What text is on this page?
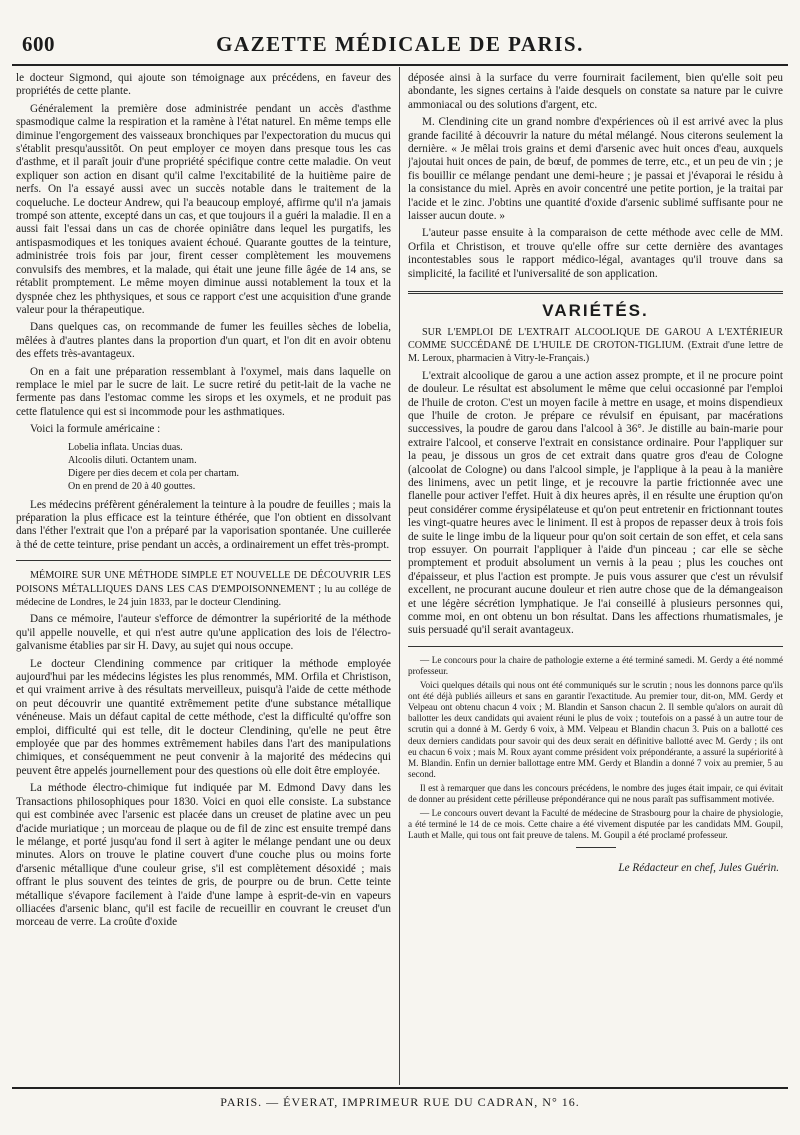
600	GAZETTE MÉDICALE DE PARIS.

le docteur Sigmond, qui ajoute son témoignage aux précédens, en faveur des propriétés de cette plante.

Généralement la première dose administrée pendant un accès d'asthme spasmodique calme la respiration et la ramène à l'état naturel. En même temps elle diminue l'engorgement des vaisseaux bronchiques par l'expectoration du mucus qui s'établit presqu'aussitôt. On peut employer ce moyen dans presque tous les cas d'asthme, et il paraît jouir d'une propriété spécifique contre cette maladie. On veut expliquer son action en disant qu'il calme l'excitabilité de la huitième paire de nerfs. On l'a essayé aussi avec un succès notable dans le traitement de la coqueluche. Le docteur Andrew, qui l'a beaucoup employé, affirme qu'il n'a jamais trompé son attente, excepté dans un cas, et que toujours il a guéri la maladie. Il en a aussi fait l'essai dans un cas de chorée opiniâtre dans lequel les purgatifs, les antispasmodiques et les toniques avaient échoué. Quarante gouttes de la teinture, administrée trois fois par jour, firent cesser complètement les mouvemens convulsifs des membres, et la malade, qui était une jeune fille âgée de 14 ans, se rétablit promptement. Le même moyen diminue aussi notablement la toux et la dyspnée chez les phthysiques, et sous ce rapport c'est une acquisition d'une grande valeur pour la thérapeutique.

Dans quelques cas, on recommande de fumer les feuilles sèches de lobelia, mêlées à d'autres plantes dans la proportion d'un quart, et l'on dit en avoir obtenu des effets très-avantageux.

On en a fait une préparation ressemblant à l'oxymel, mais dans laquelle on remplace le miel par le sucre de lait. Le sucre retiré du petit-lait de la vache ne fermente pas dans l'estomac comme les sirops et les oxymels, et ne produit pas cette flatulence qui est si incommode pour les asthmatiques.

Voici la formule américaine :

Lobelia inflata. Uncias duas.
Alcoolis diluti. Octantem unam.
Digere per dies decem et cola per chartam.
On en prend de 20 à 40 gouttes.

Les médecins préfèrent généralement la teinture à la poudre de feuilles ; mais la préparation la plus efficace est la teinture éthérée, que l'on obtient en dissolvant dans l'éther l'extrait que l'on a préparé par la vaporisation spontanée. Une cuillerée à thé de cette teinture, prise pendant un accès, a ordinairement un effet très-prompt.

MÉMOIRE SUR UNE MÉTHODE SIMPLE ET NOUVELLE DE DÉCOUVRIR LES POISONS MÉTALLIQUES DANS LES CAS D'EMPOISONNEMENT ; lu au collége de médecine de Londres, le 24 juin 1833, par le docteur Clendining.

Dans ce mémoire, l'auteur s'efforce de démontrer la supériorité de la méthode qu'il appelle nouvelle, et qui n'est autre qu'une application des lois de l'électro-galvanisme établies par sir H. Davy, au sujet qui nous occupe.

Le docteur Clendining commence par critiquer la méthode employée aujourd'hui par les médecins légistes les plus renommés, MM. Orfila et Christison, et qui vraiment arrive à des résultats merveilleux, puisqu'à l'aide de cette méthode on peut découvrir une quantité extrêmement petite d'une substance métallique vénéneuse. Mais un défaut capital de cette méthode, c'est la difficulté qu'offre son emploi, difficulté qui est telle, dit le docteur Clendining, qu'elle ne peut être employée que par des hommes extrêmement habiles dans l'art des manipulations chimiques, et conséquemment ne peut convenir à la majorité des médecins qui peuvent être appelés journellement pour des questions où elle doit être employée.

La méthode électro-chimique fut indiquée par M. Edmond Davy dans les Transactions philosophiques pour 1830. Voici en quoi elle consiste. La substance qui est combinée avec l'arsenic est placée dans un creuset de platine avec un peu d'acide muriatique ; un morceau de plaque ou de fil de zinc est ensuite trempé dans le mélange, et porté jusqu'au fond il sert à agiter le mélange pendant une ou deux minutes. Alors on trouve le platine couvert d'une couche plus ou moins forte d'arsenic métallique d'une couleur grise, s'il est complètement désoxidé ; mais offrant le plus souvent des teintes de gris, de pourpre ou de brun. Cette teinte métallique s'évapore facilement à l'aide d'une lampe à esprit-de-vin en vapeurs olliacées d'arsenic blanc, qu'il est facile de recueillir en couvrant le creuset d'un morceau de verre. La croûte d'oxide

déposée ainsi à la surface du verre fournirait facilement, bien qu'elle soit peu abondante, les signes certains à l'aide desquels on constate sa nature par le cuivre ammoniacal ou des solutions d'argent, etc.

M. Clendining cite un grand nombre d'expériences où il est arrivé avec la plus grande facilité à découvrir la nature du métal mélangé. Nous citerons seulement la dernière. « Je mêlai trois grains et demi d'arsenic avec huit onces d'eau, auxquels j'ajoutai huit onces de pain, de bœuf, de pommes de terre, etc., et un peu de vin ; je fis bouillir ce mélange pendant une demi-heure ; je passai et j'évaporai le résidu à la consistance du miel. Après en avoir concentré une petite portion, je la traitai par l'acide et le zinc. J'obtins une quantité d'oxide d'arsenic sublimé suffisante pour ne laisser aucun doute. »

L'auteur passe ensuite à la comparaison de cette méthode avec celle de MM. Orfila et Christison, et trouve qu'elle offre sur cette dernière des avantages incontestables sous le rapport médico-légal, avantages qu'il trouve dans sa simplicité, la facilité et l'universalité de son application.

VARIÉTÉS.

SUR L'EMPLOI DE L'EXTRAIT ALCOOLIQUE DE GAROU A L'EXTÉRIEUR COMME SUCCÉDANÉ DE L'HUILE DE CROTON-TIGLIUM. (Extrait d'une lettre de M. Leroux, pharmacien à Vitry-le-Français.)

L'extrait alcoolique de garou a une action assez prompte, et il ne procure point de douleur. Le résultat est absolument le même que celui occasionné par l'emploi de l'huile de croton. C'est un moyen facile à mettre en usage, et moins dispendieux que l'huile de croton. Je prépare ce révulsif en épuisant, par macérations successives, la poudre de garou dans l'alcool à 36°. Je distille au bain-marie pour extraire l'alcool, et conserve l'extrait en consistance ordinaire. Pour l'appliquer sur la peau, je dissous un gros de cet extrait dans quatre gros d'eau de Cologne (alcoolat de Cologne) ou dans l'alcool simple, je l'applique à la peau à la manière des linimens, avec un petit linge, et je recouvre la partie frictionnée avec une flanelle pour activer l'effet. Huit à dix heures après, il en résulte une éruption qu'on peut considérer comme érysipélateuse et qu'on peut entretenir en frictionnant toutes les vingt-quatre heures avec le liniment. Il est à propos de repasser deux à trois fois de suite le linge imbu de la liqueur pour qu'on soit certain de son effet, et cela sans trop essuyer. On pourrait l'appliquer à l'aide d'un pinceau ; car elle se sèche promptement et produit absolument un vernis à la peau ; plus les couches ont d'épaisseur, et plus l'action est prompte. Je puis vous assurer que c'est un révulsif excellent, ne procurant aucune douleur et rien autre chose que de la démangeaison et une légère sécrétion lymphatique. Je l'ai conseillé à plusieurs personnes qui, comme moi, en ont obtenu un bon résultat. Dans les affections rhumatismales, je suis persuadé qu'il serait avantageux.

— Le concours pour la chaire de pathologie externe a été terminé samedi. M. Gerdy a été nommé professeur.

Voici quelques détails qui nous ont été communiqués sur le scrutin ; nous les donnons parce qu'ils ont été déjà publiés ailleurs et sans en garantir l'exactitude. Au premier tour, dit-on, MM. Gerdy et Velpeau ont obtenu chacun 4 voix ; M. Blandin et Sanson chacun 2. Il semble qu'alors on aurait dû ballotter les deux candidats qui avaient réuni le plus de voix ; toutefois on a passé à un autre tour de scrutin qui a donné à M. Gerdy 6 voix, à MM. Velpeau et Blandin chacun 3. Puis on a ballotté ces deux derniers candidats pour savoir qui des deux serait en définitive ballotté avec M. Gerdy ; ils ont eu chacun 6 voix ; mais M. Roux ayant comme président voix prépondérante, a assuré la supériorité à M. Blandin. Enfin un dernier ballottage entre MM. Gerdy et Blandin a donné 7 voix au premier, 5 au second.

Il est à remarquer que dans les concours précédens, le nombre des juges était impair, ce qui évitait de donner au président cette périlleuse prépondérance qui ne nous paraît pas suffisamment motivée.

— Le concours ouvert devant la Faculté de médecine de Strasbourg pour la chaire de physiologie, a été terminé le 14 de ce mois. Cette chaire a été vivement disputée par les candidats MM. Goupil, Lauth et Malle, qui tous ont fait preuve de talens. M. Goupil a été proclamé professeur.

Le Rédacteur en chef, Jules Guérin.
PARIS. — ÉVERAT, IMPRIMEUR RUE DU CADRAN, N° 16.
